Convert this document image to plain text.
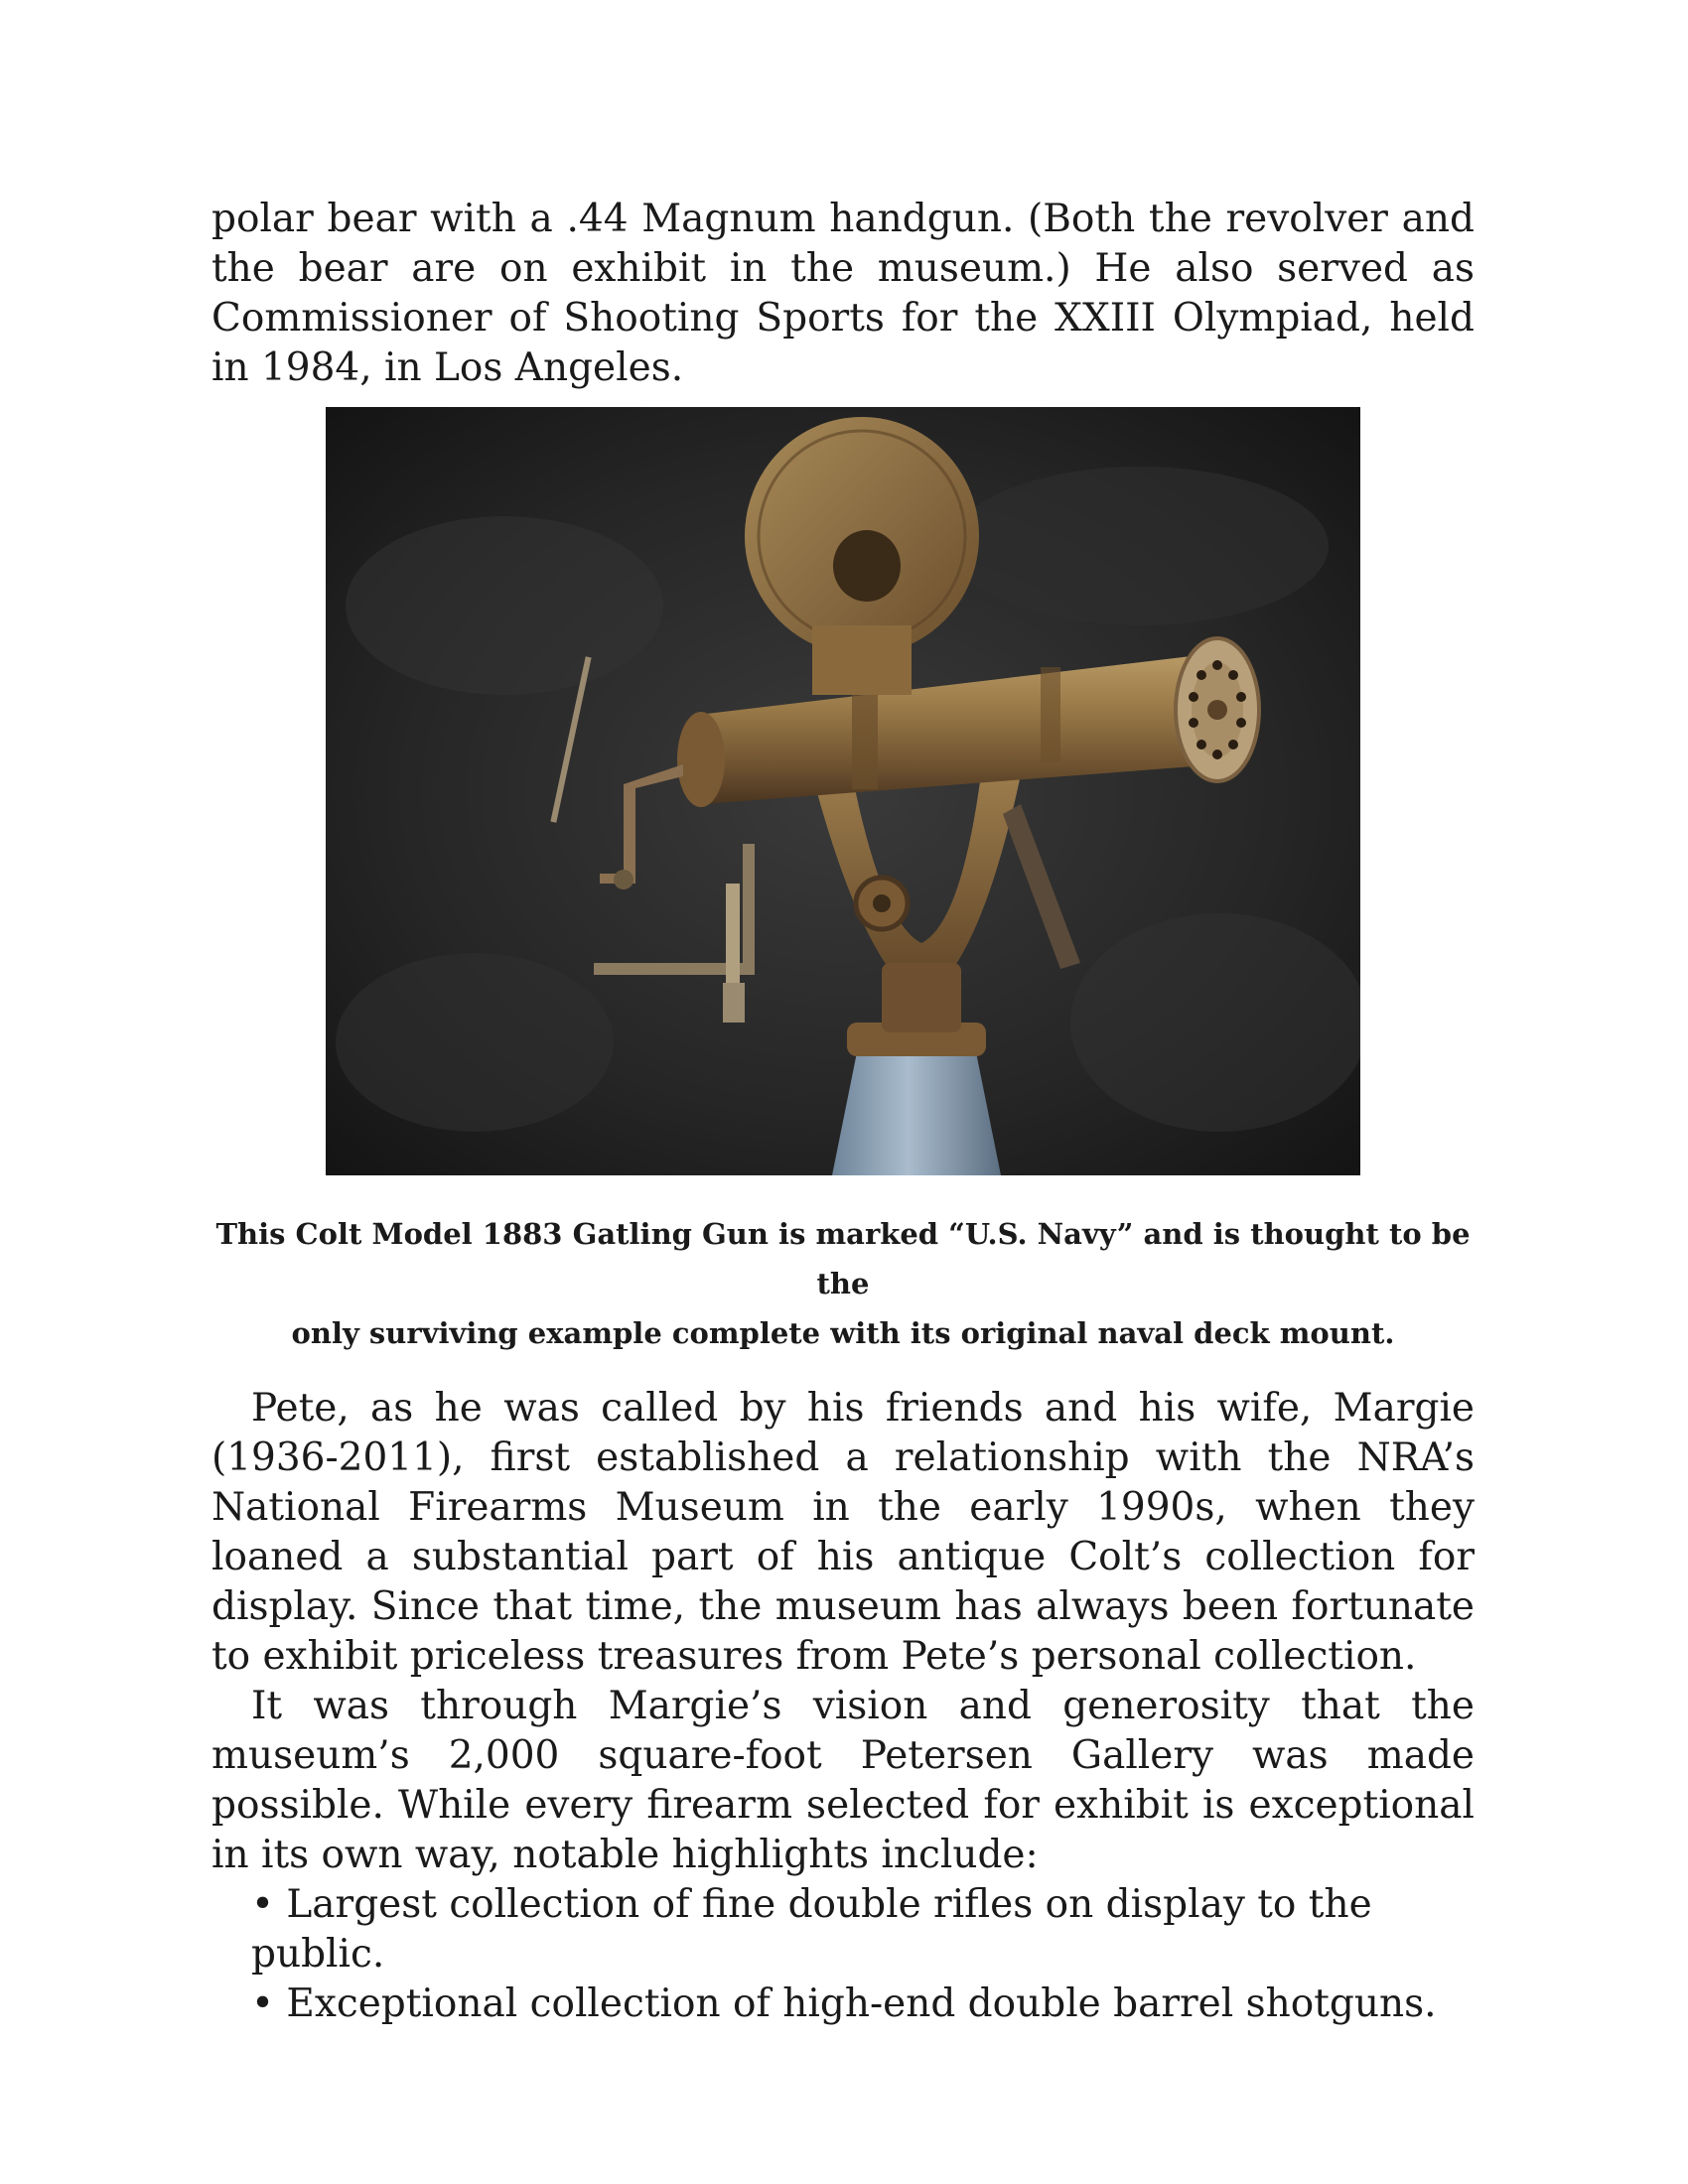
polar bear with a .44 Magnum handgun. (Both the revolver and the bear are on exhibit in the museum.) He also served as Commissioner of Shooting Sports for the XXIII Olympiad, held in 1984, in Los Angeles.

This Colt Model 1883 Gatling Gun is marked “U.S. Navy” and is thought to be the
only surviving example complete with its original naval deck mount.

Pete, as he was called by his friends and his wife, Margie (1936-2011), first established a relationship with the NRA’s National Firearms Museum in the early 1990s, when they loaned a substantial part of his antique Colt’s collection for display. Since that time, the museum has always been fortunate to exhibit priceless treasures from Pete’s personal collection.

It was through Margie’s vision and generosity that the museum’s 2,000 square-foot Petersen Gallery was made possible. While every firearm selected for exhibit is exceptional in its own way, notable highlights include:

• Largest collection of fine double rifles on display to the public.
• Exceptional collection of high-end double barrel shotguns.
